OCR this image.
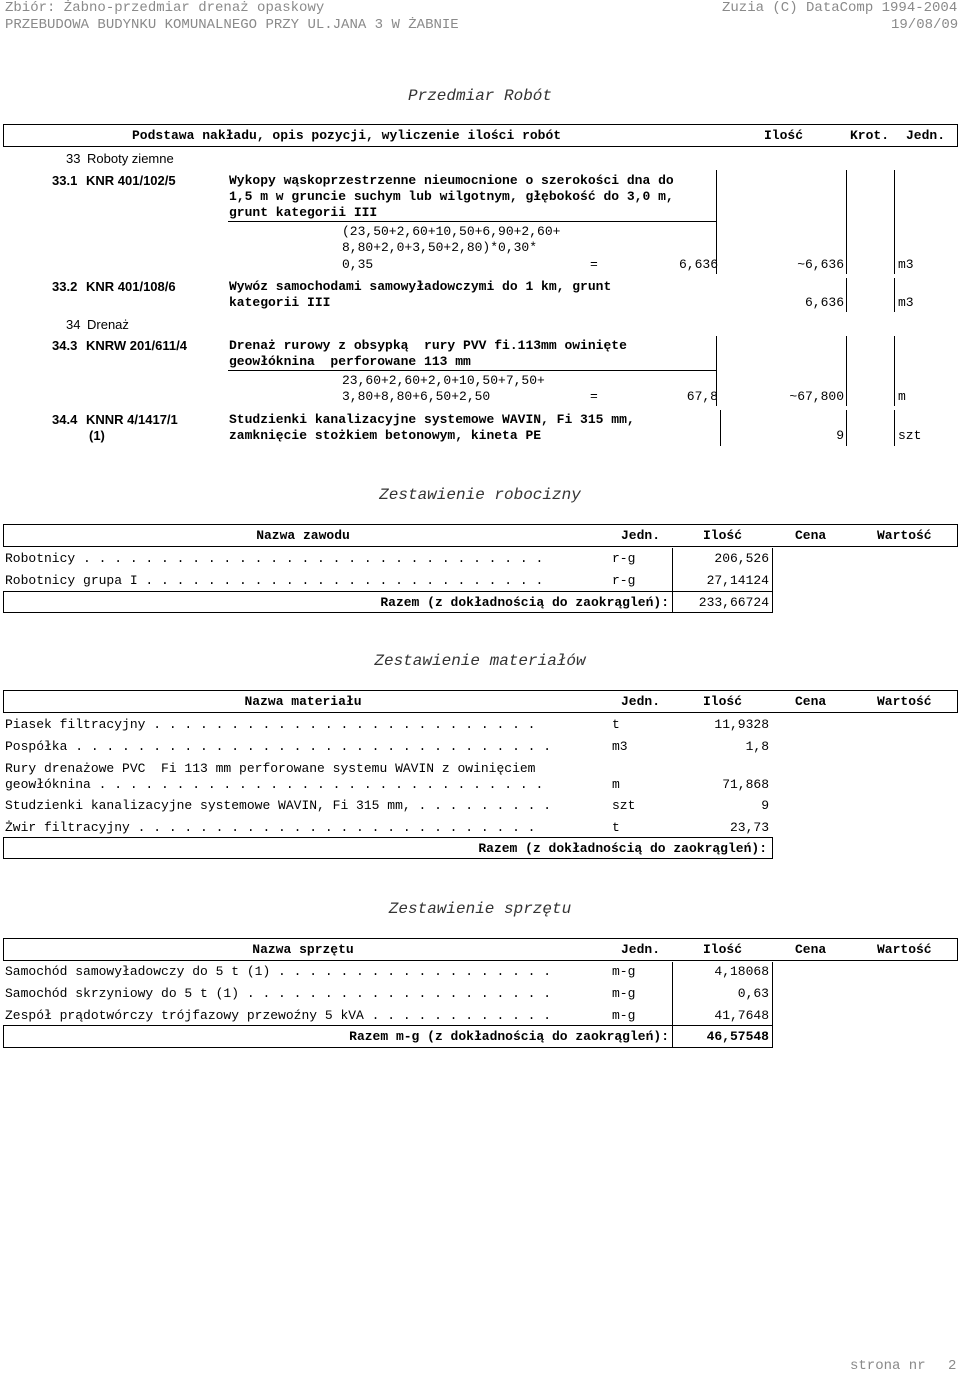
Zbiór: Żabno-przedmiar drenaż opaskowy

	Zuzia (C) DataComp 1994-2004

PRZEBUDOWA BUDYNKU KOMUNALNEGO PRZY UL.JANA 3 W ŻABNIE

	19/08/09

Przedmiar Robót
Podstawa nakładu, opis pozycji, wyliczenie ilości robót	Ilość	Krot. Jedn.
33 Roboty ziemne
33.1 KNR 401/102/5	Wykopy wąskoprzestrzenne nieumocnione o szerokości dna do
1,5 m w gruncie suchym lub wilgotnym, głębokość do 3,0 m,
grunt kategorii III
(23,50+2,60+10,50+6,90+2,60+
8,80+2,0+3,50+2,80)*0,30*
0,35	=	6,636	~6,636	m3
33.2 KNR 401/108/6	Wywóz samochodami samowyładowczymi do 1 km, grunt
kategorii III	6,636	m3
34 Drenaż
34.3 KNRW 201/611/4	Drenaż rurowy z obsypką  rury PVV fi.113mm owinięte
geowłóknina  perforowane 113 mm
23,60+2,60+2,0+10,50+7,50+
3,80+8,80+6,50+2,50	=	67,8	~67,800	m
34.4 KNNR 4/1417/1
(1)
Studzienki kanalizacyjne systemowe WAVIN, Fi 315 mm,
zamknięcie stożkiem betonowym, kineta PE	9	szt
Zestawienie robocizny
Nazwa zawodu	Jedn.	Ilość	Cena	Wartość
Robotnicy . . . . . . . . . . . . . . . . . . . . . . . . . . . . . .	r-g	206,526
Robotnicy grupa I . . . . . . . . . . . . . . . . . . . . . . . . . .	r-g	27,14124
Razem (z dokładnością do zaokrągleń):	233,66724
Zestawienie materiałów
Nazwa materiału	Jedn.	Ilość	Cena	Wartość
Piasek filtracyjny . . . . . . . . . . . . . . . . . . . . . . . . .	t	11,9328
Pospółka . . . . . . . . . . . . . . . . . . . . . . . . . . . . . . .	m3	1,8
Rury drenażowe PVC  Fi 113 mm perforowane systemu WAVIN z owinięciem
geowłóknina . . . . . . . . . . . . . . . . . . . . . . . . . . . . .	m	71,868
Studzienki kanalizacyjne systemowe WAVIN, Fi 315 mm, . . . . . . . . .	szt	9
Żwir filtracyjny . . . . . . . . . . . . . . . . . . . . . . . . . .	t	23,73
Razem (z dokładnością do zaokrągleń):
Zestawienie sprzętu
Nazwa sprzętu	Jedn.	Ilość	Cena	Wartość
Samochód samowyładowczy do 5 t (1) . . . . . . . . . . . . . . . . . .	m-g	4,18068
Samochód skrzyniowy do 5 t (1) . . . . . . . . . . . . . . . . . . . .	m-g	0,63
Zespół prądotwórczy trójfazowy przewoźny 5 kVA . . . . . . . . . . . .	m-g	41,7648
Razem m-g (z dokładnością do zaokrągleń):	46,57548
strona nr 2
